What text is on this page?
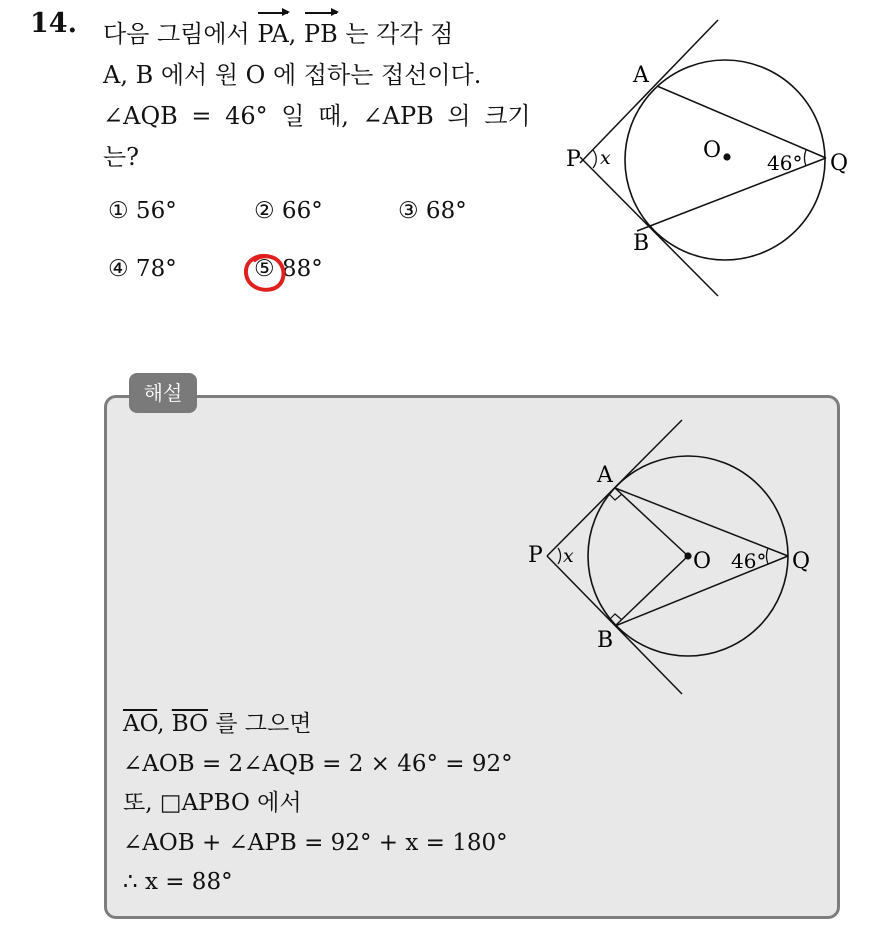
14. 다음 그림에서 PA, PB 는 각각 점
A, B 에서 원 O 에 접하는 접선이다.
∠AQB = 46° 일 때, ∠APB 의 크기
는?
① 56°	② 66°	③ 68°
④ 78°	⑤ 88°
A
B
P	Q
O
x	46°
해설
A
B
P	Q
O
x	46°
$\overline{AO}$, $\overline{BO}$ 를 그으면
∠AOB = 2∠AQB = 2 × 46° = 92°
또, □APBO 에서
∠AOB + ∠APB = 92° + x = 180°
∴ x = 88°
